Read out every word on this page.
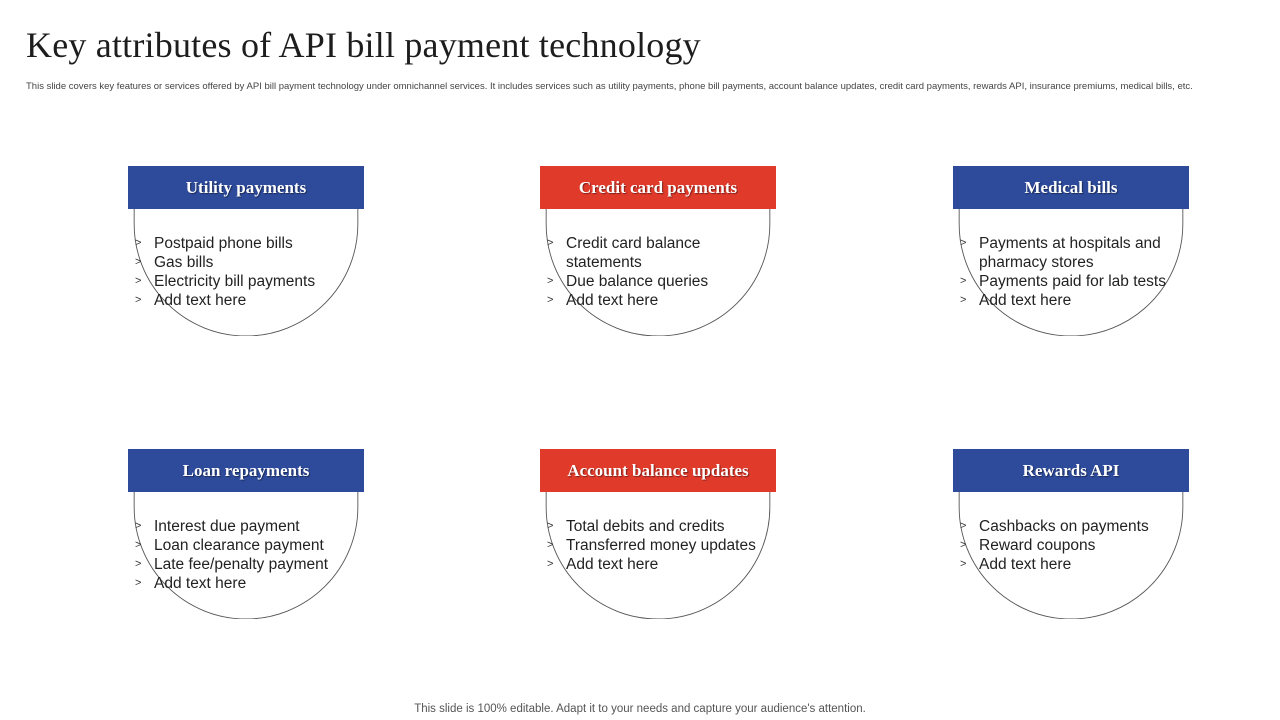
Key attributes of API bill payment technology
This slide covers key features or services offered by API bill payment technology under omnichannel services. It includes services such as utility payments, phone bill payments, account balance updates, credit card payments, rewards API, insurance premiums, medical bills, etc.
Utility payments
> Postpaid phone bills
> Gas bills
> Electricity bill payments
> Add text here
Credit card payments
> Credit card balance statements
> Due balance queries
> Add text here
Medical bills
> Payments at hospitals and pharmacy stores
> Payments paid for lab tests
> Add text here
Loan repayments
> Interest due payment
> Loan clearance payment
> Late fee/penalty payment
> Add text here
Account balance updates
> Total debits and credits
> Transferred money updates
> Add text here
Rewards API
> Cashbacks on payments
> Reward coupons
> Add text here
This slide is 100% editable. Adapt it to your needs and capture your audience's attention.
